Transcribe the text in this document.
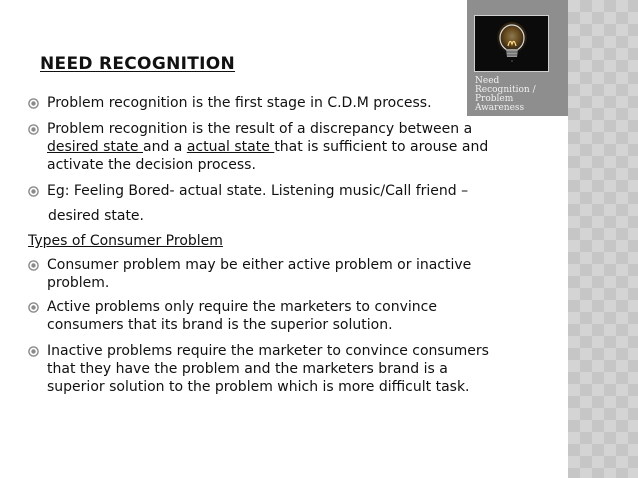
Need
Recognition /
Problem
Awareness
NEED RECOGNITION
Problem recognition is the first stage in C.D.M process.
Problem recognition is the result of a discrepancy between a
desired state and a actual state that is sufficient to arouse and
activate the decision process.
Eg: Feeling Bored- actual state. Listening music/Call friend –
desired state.
Types of Consumer Problem
Consumer problem may be either active problem or inactive
problem.
Active problems only require the marketers to convince
consumers that its brand is the superior solution.
Inactive problems require the marketer to convince consumers
that they have the problem and the marketers brand is a
superior solution to the problem which is more difficult task.
